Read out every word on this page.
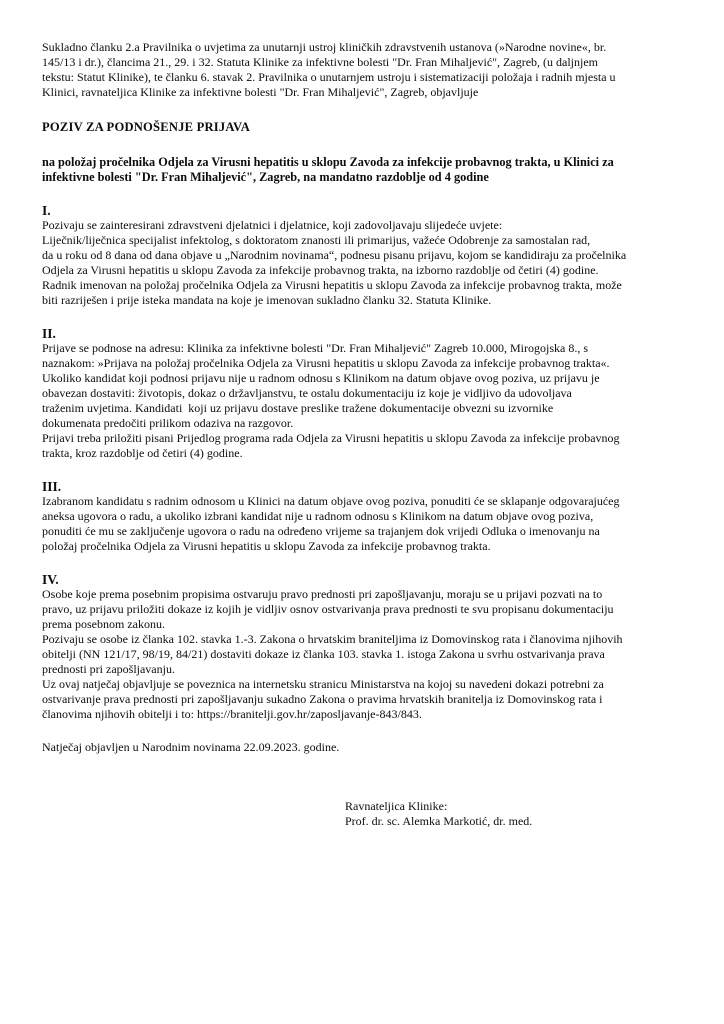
Sukladno članku 2.a Pravilnika o uvjetima za unutarnji ustroj kliničkih zdravstvenih ustanova (»Narodne novine«, br.
145/13 i dr.), člancima 21., 29. i 32. Statuta Klinike za infektivne bolesti "Dr. Fran Mihaljević", Zagreb, (u daljnjem
tekstu: Statut Klinike), te članku 6. stavak 2. Pravilnika o unutarnjem ustroju i sistematizaciji položaja i radnih mjesta u
Klinici, ravnateljica Klinike za infektivne bolesti "Dr. Fran Mihaljević", Zagreb, objavljuje
POZIV ZA PODNOŠENJE PRIJAVA
na položaj pročelnika Odjela za Virusni hepatitis u sklopu Zavoda za infekcije probavnog trakta, u Klinici za
infektivne bolesti "Dr. Fran Mihaljević", Zagreb, na mandatno razdoblje od 4 godine
I.
Pozivaju se zainteresirani zdravstveni djelatnici i djelatnice, koji zadovoljavaju slijedeće uvjete:
Liječnik/liječnica specijalist infektolog, s doktoratom znanosti ili primarijus, važeće Odobrenje za samostalan rad,
da u roku od 8 dana od dana objave u „Narodnim novinama“, podnesu pisanu prijavu, kojom se kandidiraju za pročelnika
Odjela za Virusni hepatitis u sklopu Zavoda za infekcije probavnog trakta, na izborno razdoblje od četiri (4) godine.
Radnik imenovan na položaj pročelnika Odjela za Virusni hepatitis u sklopu Zavoda za infekcije probavnog trakta, može
biti razriješen i prije isteka mandata na koje je imenovan sukladno članku 32. Statuta Klinike.
II.
Prijave se podnose na adresu: Klinika za infektivne bolesti "Dr. Fran Mihaljević" Zagreb 10.000, Mirogojska 8., s
naznakom: »Prijava na položaj pročelnika Odjela za Virusni hepatitis u sklopu Zavoda za infekcije probavnog trakta«.
Ukoliko kandidat koji podnosi prijavu nije u radnom odnosu s Klinikom na datum objave ovog poziva, uz prijavu je
obavezan dostaviti: životopis, dokaz o državljanstvu, te ostalu dokumentaciju iz koje je vidljivo da udovoljava
traženim uvjetima. Kandidati  koji uz prijavu dostave preslike tražene dokumentacije obvezni su izvornike
dokumenata predočiti prilikom odaziva na razgovor.
Prijavi treba priložiti pisani Prijedlog programa rada Odjela za Virusni hepatitis u sklopu Zavoda za infekcije probavnog
trakta, kroz razdoblje od četiri (4) godine.
III.
Izabranom kandidatu s radnim odnosom u Klinici na datum objave ovog poziva, ponuditi će se sklapanje odgovarajućeg
aneksa ugovora o radu, a ukoliko izbrani kandidat nije u radnom odnosu s Klinikom na datum objave ovog poziva,
ponuditi će mu se zaključenje ugovora o radu na određeno vrijeme sa trajanjem dok vrijedi Odluka o imenovanju na
položaj pročelnika Odjela za Virusni hepatitis u sklopu Zavoda za infekcije probavnog trakta.
IV.
Osobe koje prema posebnim propisima ostvaruju pravo prednosti pri zapošljavanju, moraju se u prijavi pozvati na to
pravo, uz prijavu priložiti dokaze iz kojih je vidljiv osnov ostvarivanja prava prednosti te svu propisanu dokumentaciju
prema posebnom zakonu.
Pozivaju se osobe iz članka 102. stavka 1.-3. Zakona o hrvatskim braniteljima iz Domovinskog rata i članovima njihovih
obitelji (NN 121/17, 98/19, 84/21) dostaviti dokaze iz članka 103. stavka 1. istoga Zakona u svrhu ostvarivanja prava
prednosti pri zapošljavanju.
Uz ovaj natječaj objavljuje se poveznica na internetsku stranicu Ministarstva na kojoj su navedeni dokazi potrebni za
ostvarivanje prava prednosti pri zapošljavanju sukadno Zakona o pravima hrvatskih branitelja iz Domovinskog rata i
članovima njihovih obitelji i to: https://branitelji.gov.hr/zaposljavanje-843/843.
Natječaj objavljen u Narodnim novinama 22.09.2023. godine.
Ravnateljica Klinike:
Prof. dr. sc. Alemka Markotić, dr. med.
